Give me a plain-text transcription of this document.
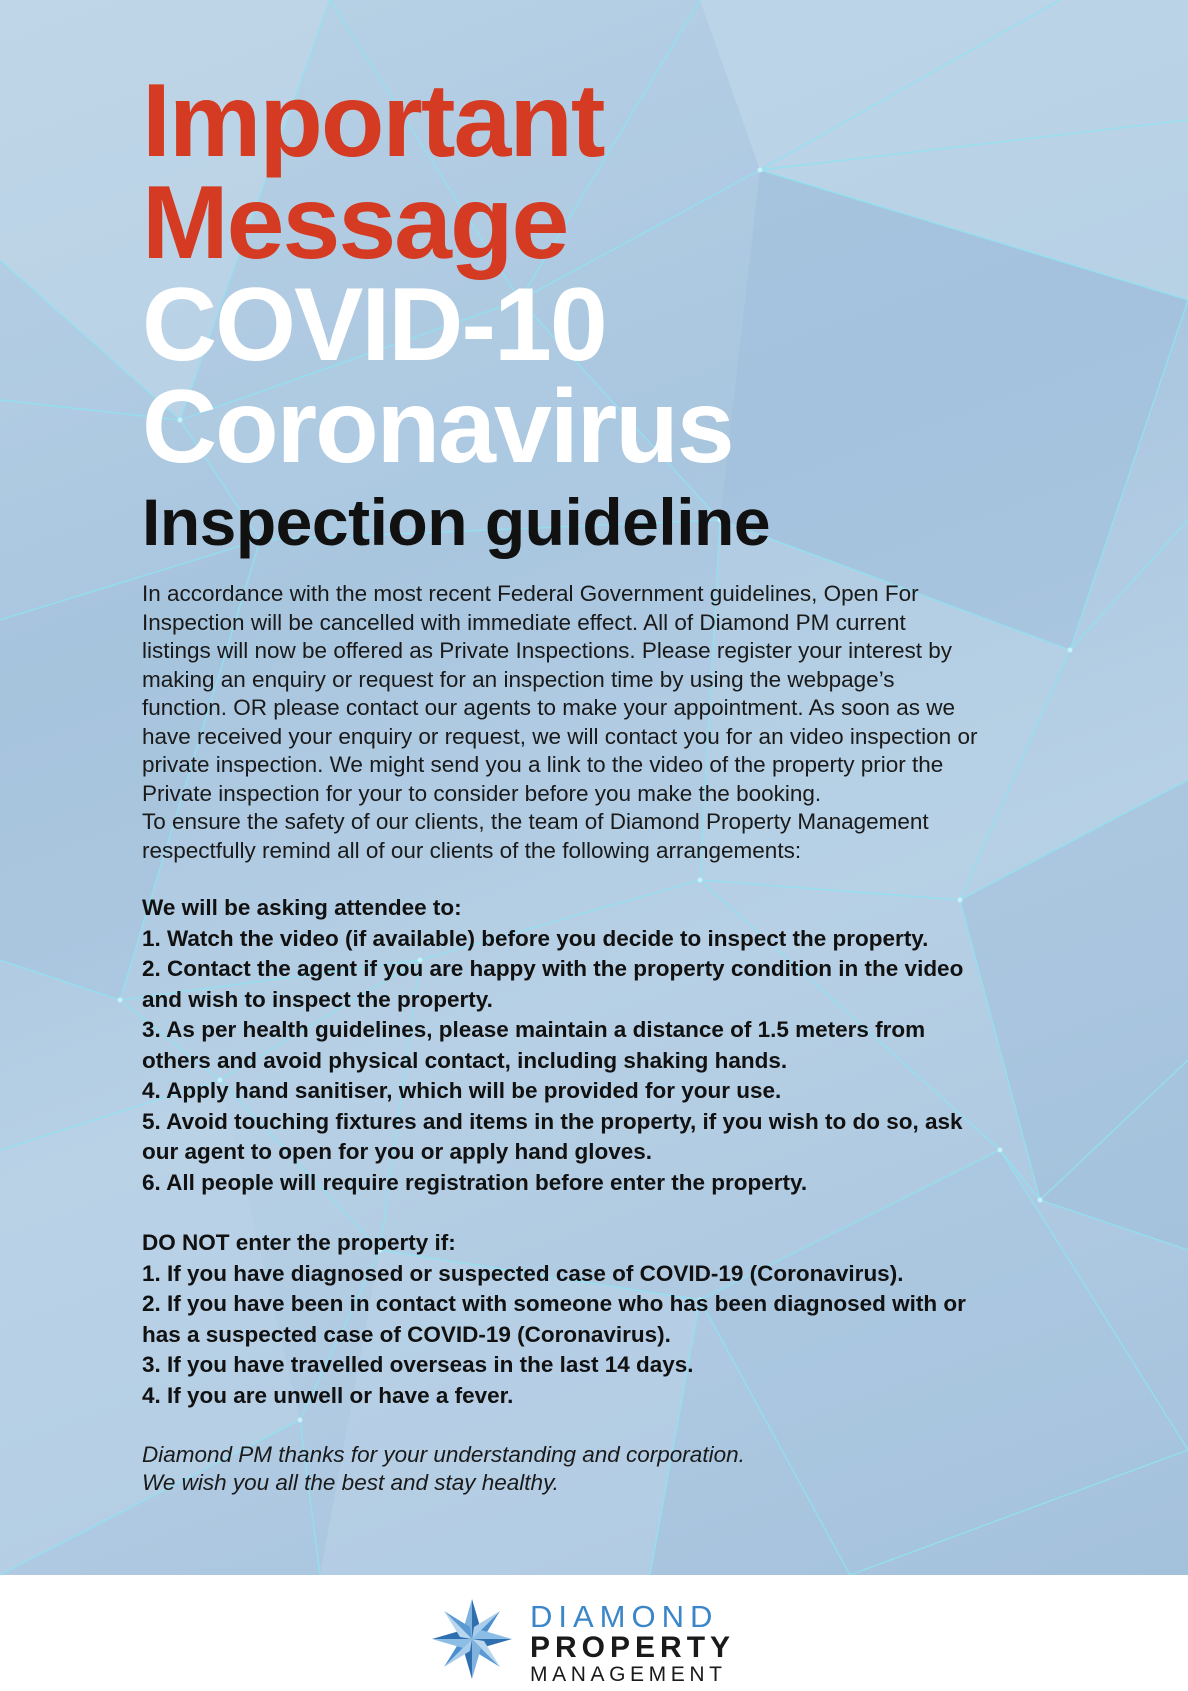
Important

Message

COVID-10

Coronavirus

Inspection guideline

In accordance with the most recent Federal Government guidelines, Open For

Inspection will be cancelled with immediate effect. All of Diamond PM current

listings will now be offered as Private Inspections. Please register your interest by

making an enquiry or request for an inspection time by using the webpage’s

function. OR please contact our agents to make your appointment. As soon as we

have received your enquiry or request, we will contact you for an video inspection or

private inspection. We might send you a link to the video of the property prior the

Private inspection for your to consider before you make the booking.

To ensure the safety of our clients, the team of Diamond Property Management

respectfully remind all of our clients of the following arrangements:

We will be asking attendee to:

1. Watch the video (if available) before you decide to inspect the property.

2. Contact the agent if you are happy with the property condition in the video

and wish to inspect the property.

3. As per health guidelines, please maintain a distance of 1.5 meters from

others and avoid physical contact, including shaking hands.

4. Apply hand sanitiser, which will be provided for your use.

5. Avoid touching fixtures and items in the property, if you wish to do so, ask

our agent to open for you or apply hand gloves.

6. All people will require registration before enter the property.

DO NOT enter the property if:

1. If you have diagnosed or suspected case of COVID-19 (Coronavirus).

2. If you have been in contact with someone who has been diagnosed with or

has a suspected case of COVID-19 (Coronavirus).

3. If you have travelled overseas in the last 14 days.

4. If you are unwell or have a fever.

Diamond PM thanks for your understanding and corporation.

We wish you all the best and stay healthy.

DIAMOND
PROPERTY
MANAGEMENT
